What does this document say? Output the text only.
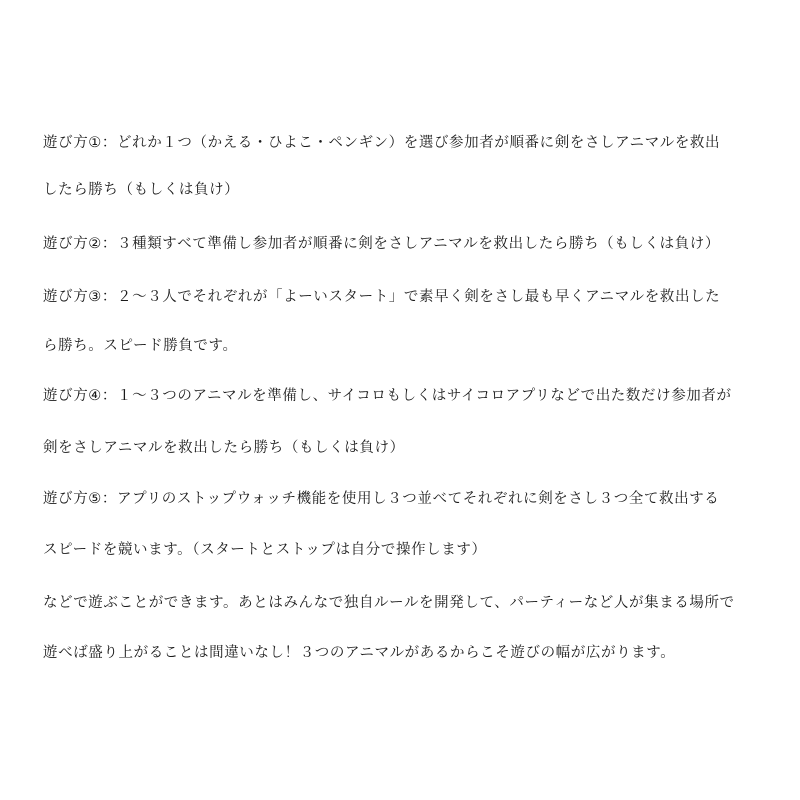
遊び方①：どれか１つ（かえる・ひよこ・ペンギン）を選び参加者が順番に剣をさしアニマルを救出

したら勝ち（もしくは負け）

遊び方②：３種類すべて準備し参加者が順番に剣をさしアニマルを救出したら勝ち（もしくは負け）

遊び方③：２～３人でそれぞれが「よーいスタート」で素早く剣をさし最も早くアニマルを救出した

ら勝ち。スピード勝負です。

遊び方④：１～３つのアニマルを準備し、サイコロもしくはサイコロアプリなどで出た数だけ参加者が

剣をさしアニマルを救出したら勝ち（もしくは負け）

遊び方⑤：アプリのストップウォッチ機能を使用し３つ並べてそれぞれに剣をさし３つ全て救出する

スピードを競います。（スタートとストップは自分で操作します）

などで遊ぶことができます。あとはみんなで独自ルールを開発して、パーティーなど人が集まる場所で

遊べば盛り上がることは間違いなし！３つのアニマルがあるからこそ遊びの幅が広がります。
